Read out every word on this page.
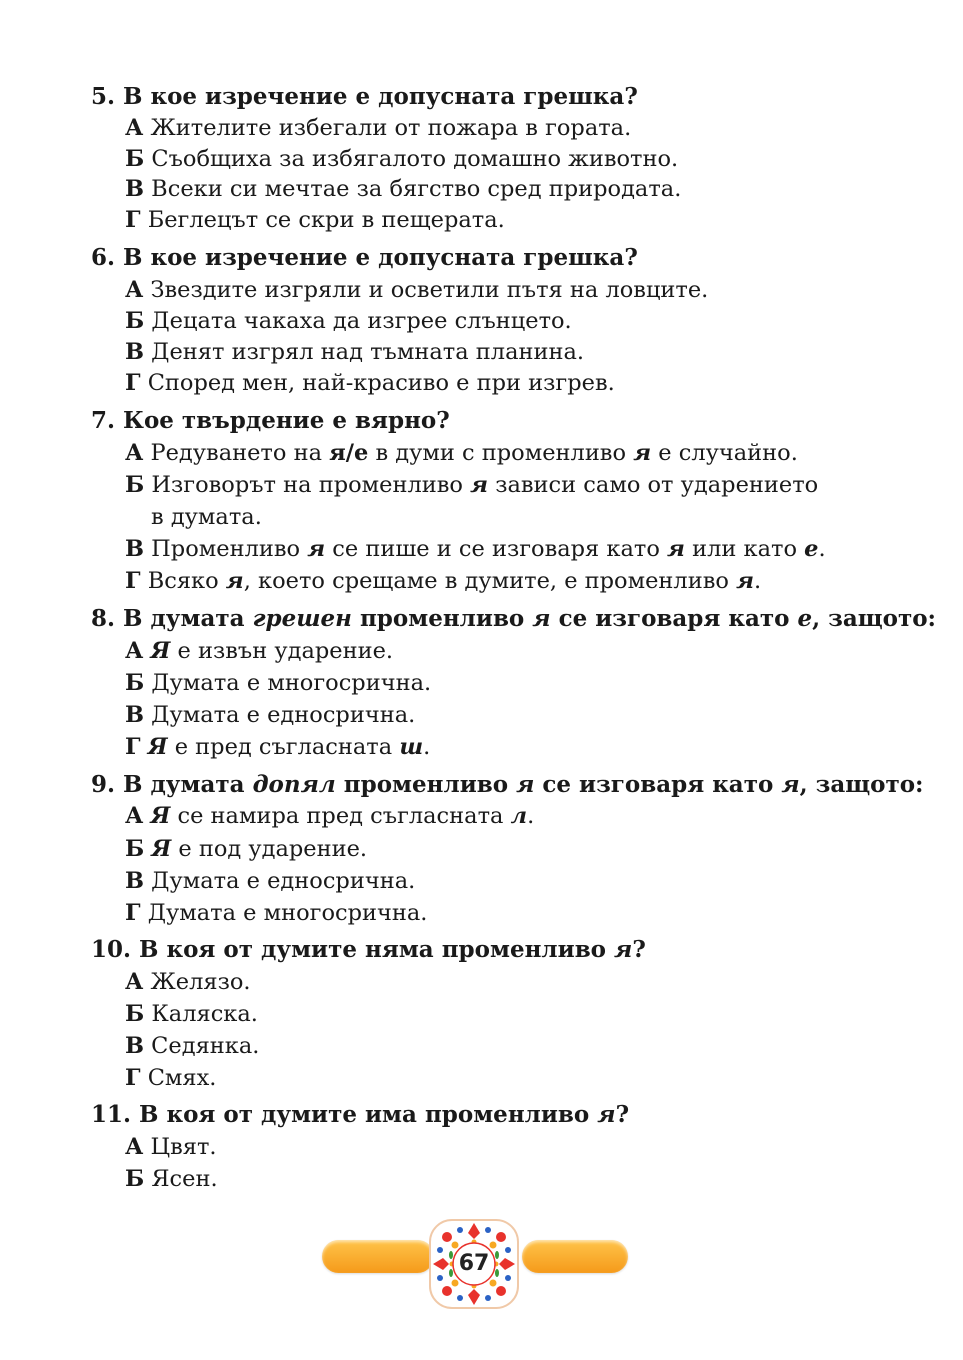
5. В кое изречение е допусната грешка?
А Жителите избегали от пожара в гората.
Б Съобщиха за избягалото домашно животно.
В Всеки си мечтае за бягство сред природата.
Г Беглецът се скри в пещерата.
6. В кое изречение е допусната грешка?
А Звездите изгряли и осветили пътя на ловците.
Б Децата чакаха да изгрее слънцето.
В Денят изгрял над тъмната планина.
Г Според мен, най-красиво е при изгрев.
7. Кое твърдение е вярно?
А Редуването на я/е в думи с променливо я е случайно.
Б Изговорът на променливо я зависи само от ударението
в думата.
В Променливо я се пише и се изговаря като я или като е.
Г Всяко я, което срещаме в думите, е променливо я.
8. В думата грешен променливо я се изговаря като е, защото:
А Я е извън ударение.
Б Думата е многосрична.
В Думата е едносрична.
Г Я е пред съгласната ш.
9. В думата допял променливо я се изговаря като я, защото:
А Я се намира пред съгласната л.
Б Я е под ударение.
В Думата е едносрична.
Г Думата е многосрична.
10. В коя от думите няма променливо я?
А Желязо.
Б Каляска.
В Седянка.
Г Смях.
11. В коя от думите има променливо я?
А Цвят.
Б Ясен.
67
